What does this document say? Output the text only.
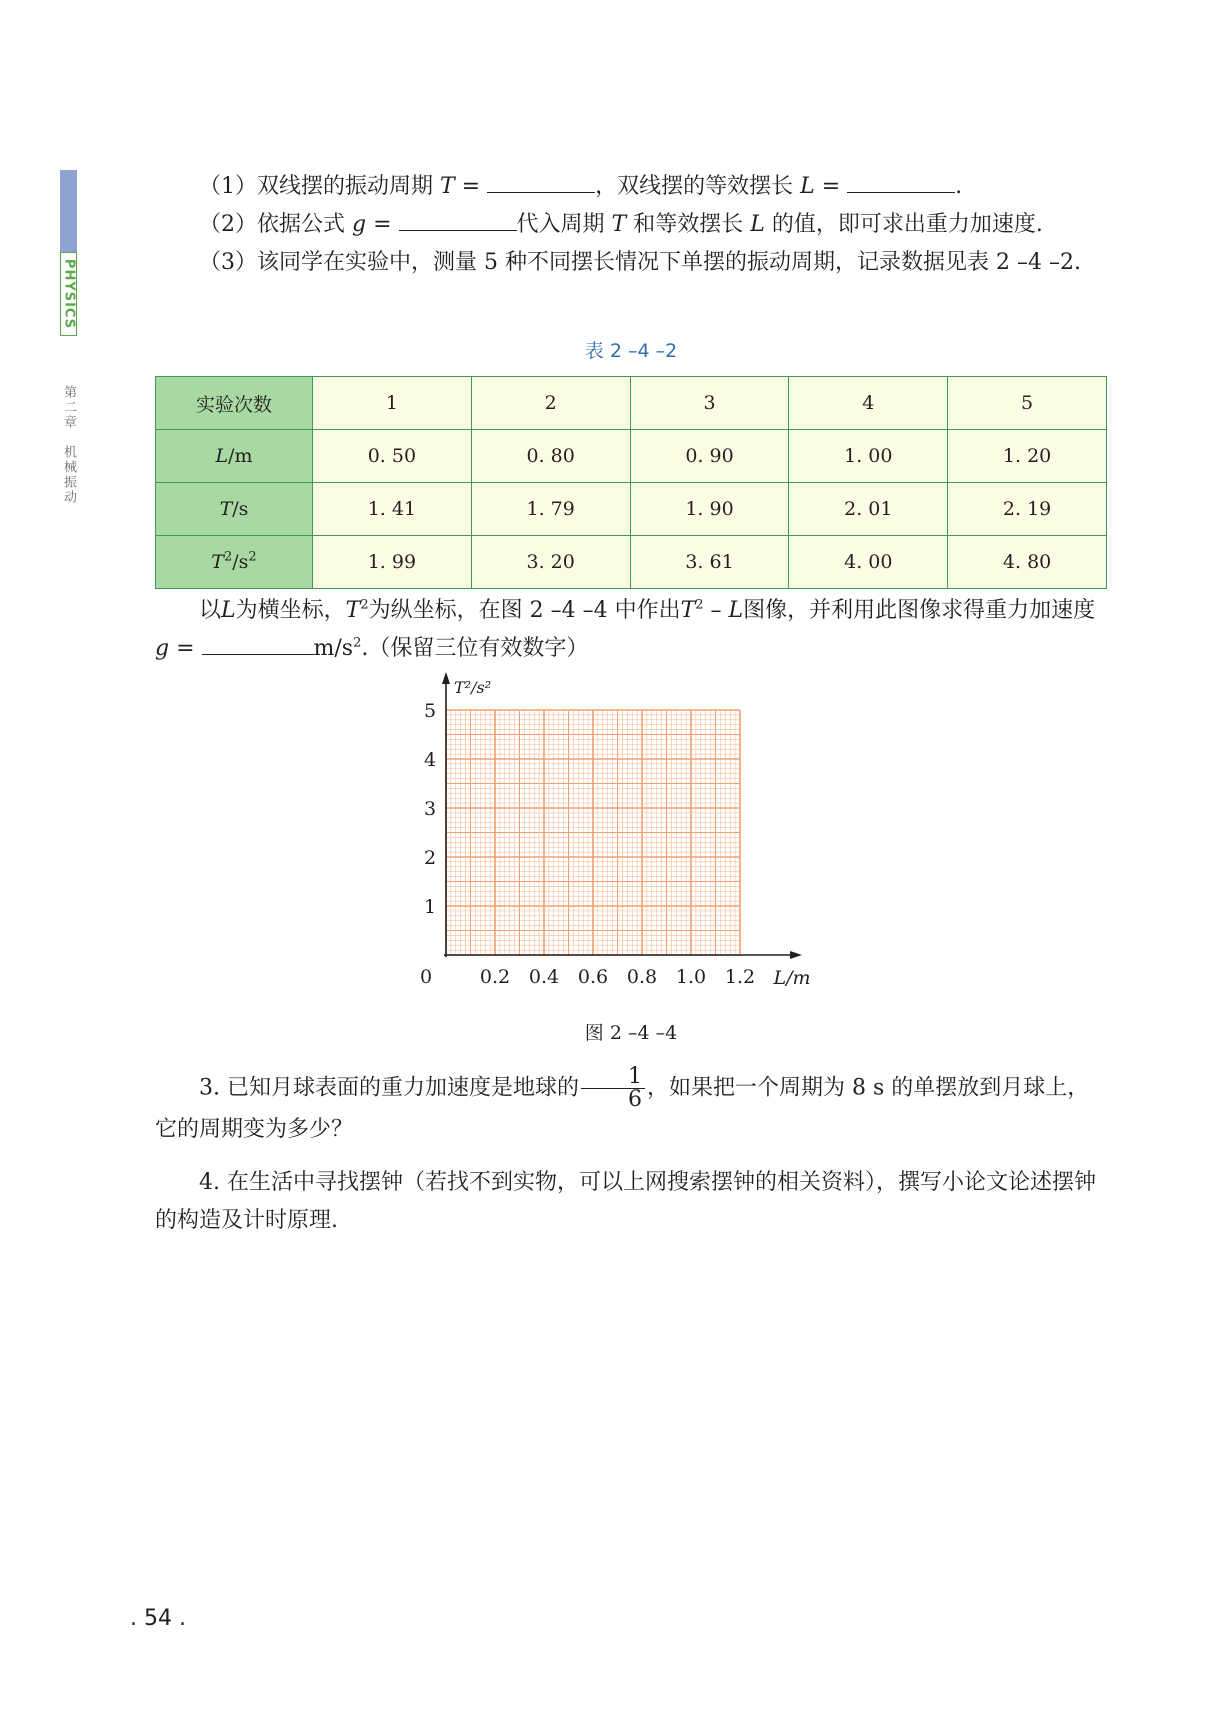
PHYSICS
第二章　机械振动

（1）双线摆的振动周期 T =	，双线摆的等效摆长 L =	.

（2）依据公式 g =	代入周期 T 和等效摆长 L 的值，即可求出重力加速度.

（3）该同学在实验中，测量 5 种不同摆长情况下单摆的振动周期，记录数据见表 2 –4 –2.

表 2 –4 –2
实验次数	1	2	3	4	5
L/m	0. 50	0. 80	0. 90	1. 00	1. 20
T/s	1. 41	1. 79	1. 90	2. 01	2. 19
$T^2/s^2$	1. 99	3. 20	3. 61	4. 00	4. 80

以L为横坐标，$T^2$为纵坐标，在图 2 –4 –4 中作出$T^2$ – L图像，并利用此图像求得重力加速度 g =	$m/s^2$.（保留三位有效数字）

0.2 0.4 0.6 0.8 1.0 1.2
1
2
3
4
5
0	L/m
T²/s²
图 2 –4 –4

3. 已知月球表面的重力加速度是地球的 $\frac{1}{6}$ ，如果把一个周期为 8 s 的单摆放到月球上，它的周期变为多少？

4. 在生活中寻找摆钟（若找不到实物，可以上网搜索摆钟的相关资料），撰写小论文论述摆钟的构造及计时原理.

. 54 .
